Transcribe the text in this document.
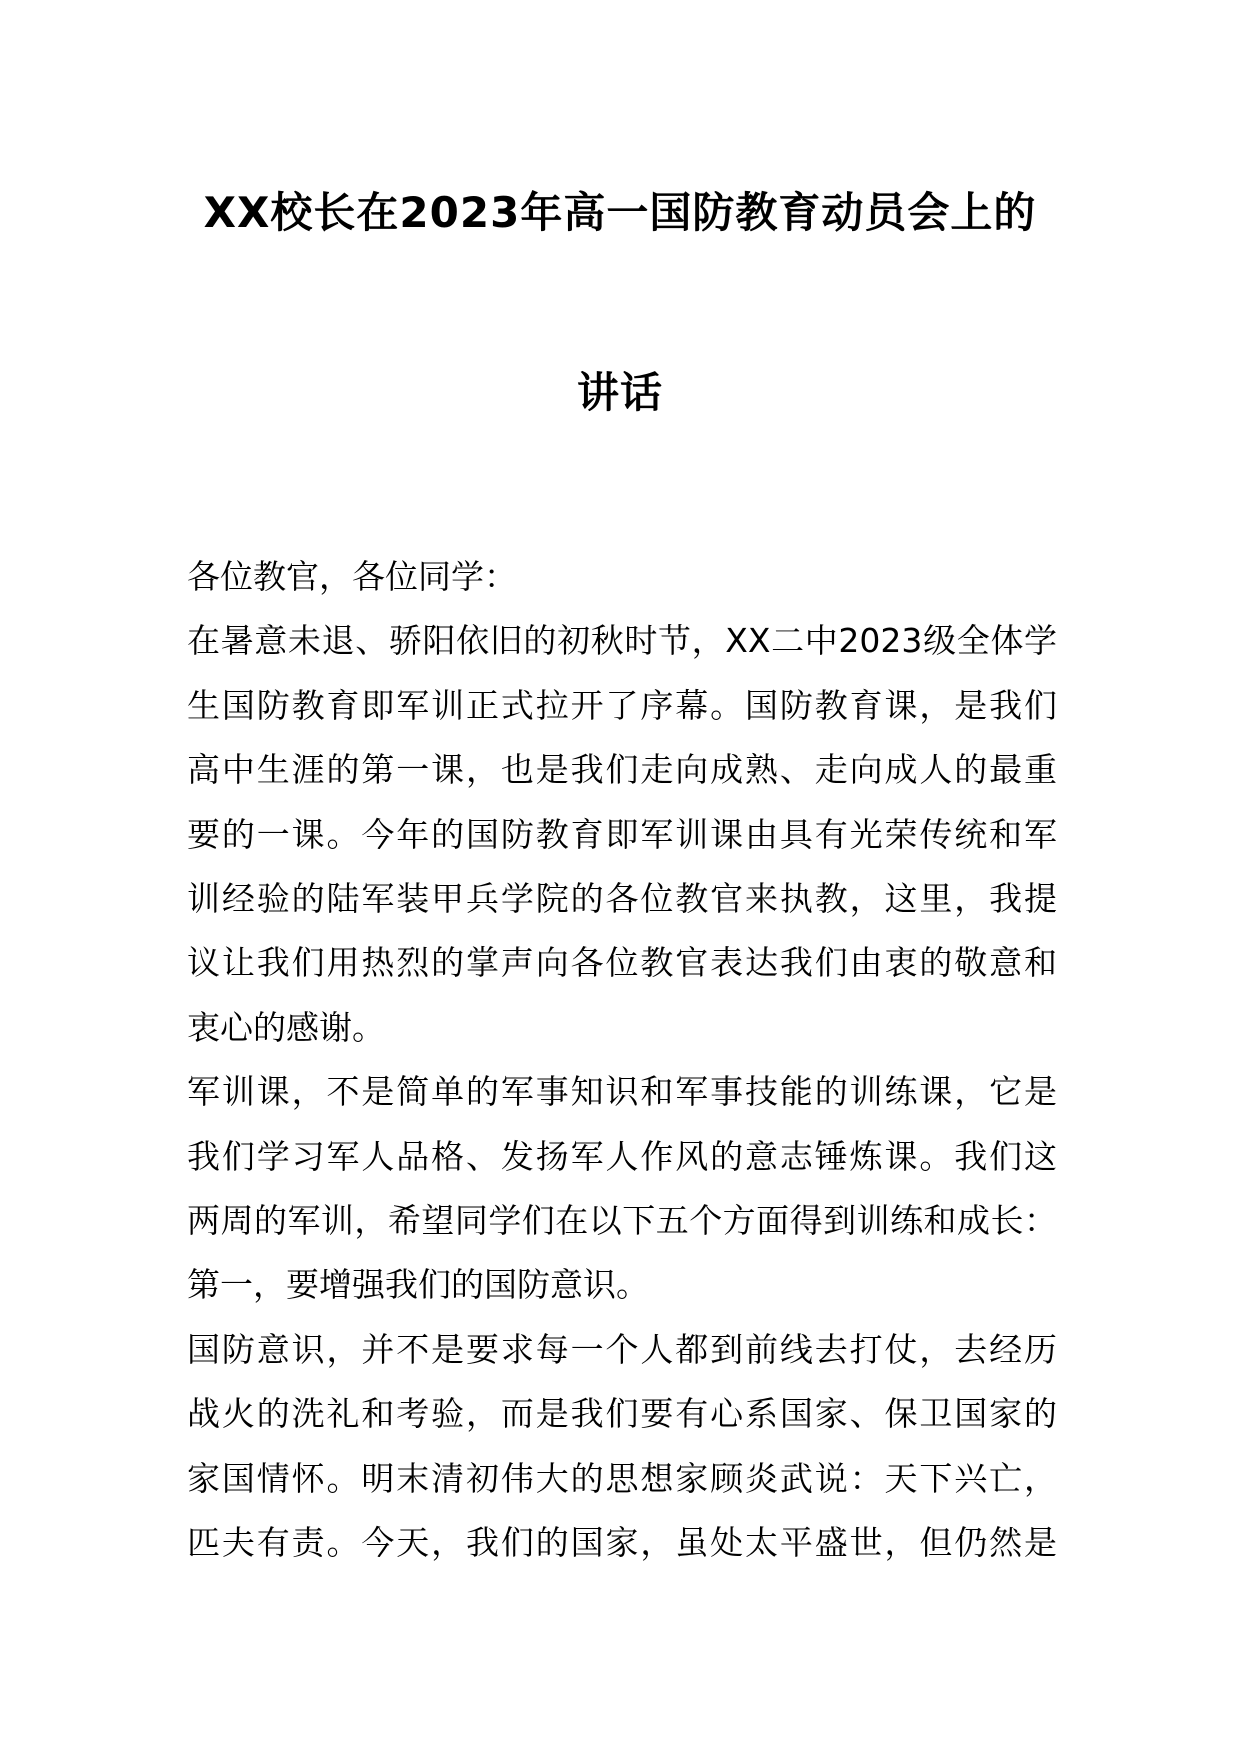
XX校长在2023年高一国防教育动员会上的
讲话
各位教官，各位同学：

在暑意未退、骄阳依旧的初秋时节，XX二中2023级全体学
生国防教育即军训正式拉开了序幕。国防教育课，是我们
高中生涯的第一课，也是我们走向成熟、走向成人的最重
要的一课。今年的国防教育即军训课由具有光荣传统和军
训经验的陆军装甲兵学院的各位教官来执教，这里，我提
议让我们用热烈的掌声向各位教官表达我们由衷的敬意和
衷心的感谢。

军训课，不是简单的军事知识和军事技能的训练课，它是
我们学习军人品格、发扬军人作风的意志锤炼课。我们这
两周的军训，希望同学们在以下五个方面得到训练和成长：
第一，要增强我们的国防意识。

国防意识，并不是要求每一个人都到前线去打仗，去经历
战火的洗礼和考验，而是我们要有心系国家、保卫国家的
家国情怀。明末清初伟大的思想家顾炎武说：天下兴亡，
匹夫有责。今天，我们的国家，虽处太平盛世，但仍然是
